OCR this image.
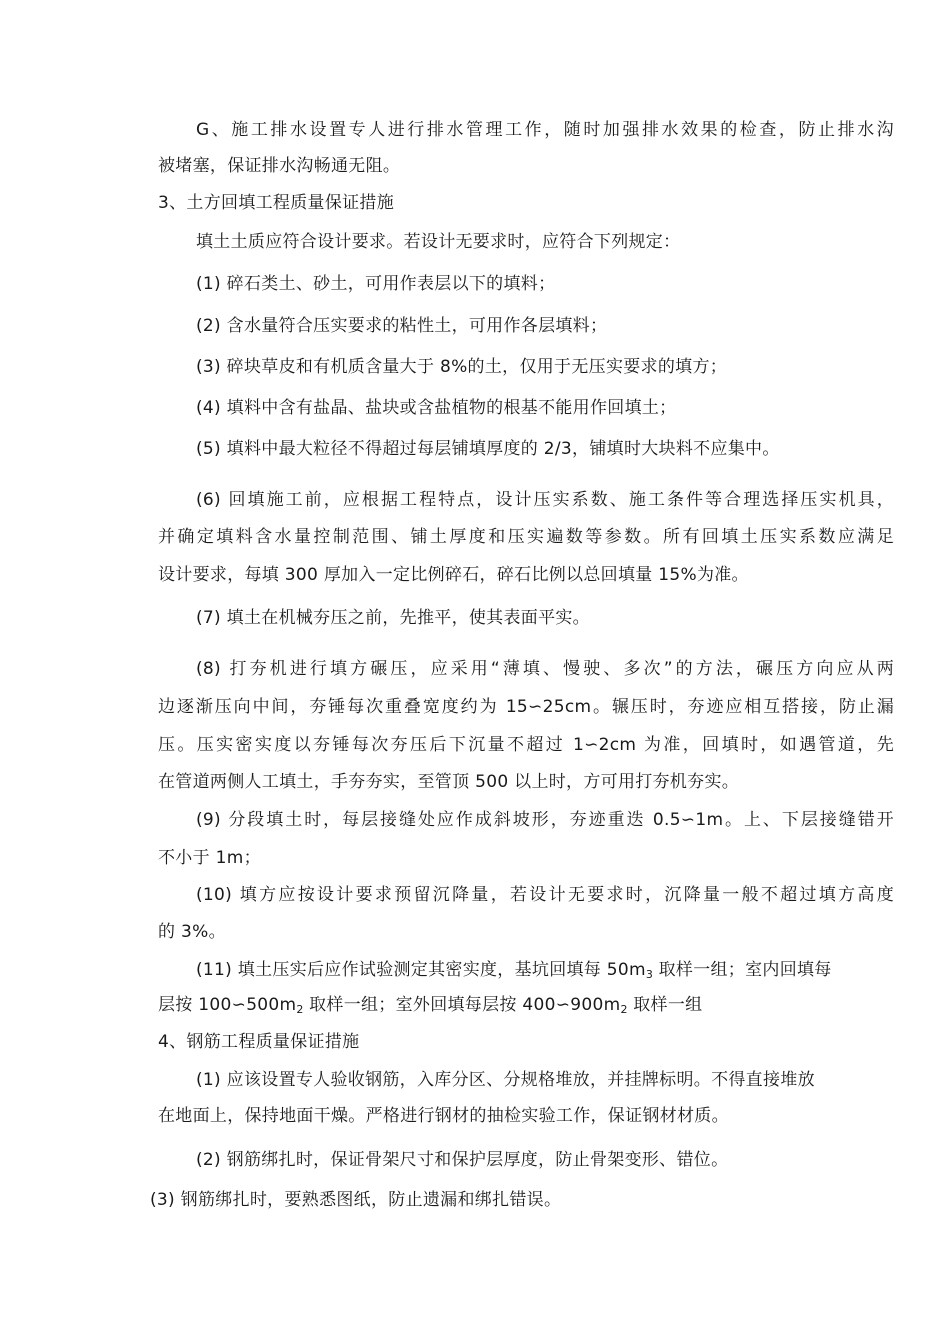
G、施工排水设置专人进行排水管理工作，随时加强排水效果的检查，防止排水沟

被堵塞，保证排水沟畅通无阻。

3、土方回填工程质量保证措施

填土土质应符合设计要求。若设计无要求时，应符合下列规定：

(1) 碎石类土、砂土，可用作表层以下的填料；

(2) 含水量符合压实要求的粘性土，可用作各层填料；

(3) 碎块草皮和有机质含量大于 8%的土，仅用于无压实要求的填方；

(4) 填料中含有盐晶、盐块或含盐植物的根基不能用作回填土；

(5) 填料中最大粒径不得超过每层铺填厚度的 2/3，铺填时大块料不应集中。

(6) 回填施工前，应根据工程特点，设计压实系数、施工条件等合理选择压实机具，

并确定填料含水量控制范围、铺土厚度和压实遍数等参数。所有回填土压实系数应满足

设计要求，每填 300 厚加入一定比例碎石，碎石比例以总回填量 15%为准。

(7) 填土在机械夯压之前，先推平，使其表面平实。

(8) 打夯机进行填方碾压，应采用“薄填、慢驶、多次”的方法，碾压方向应从两

边逐渐压向中间，夯锤每次重叠宽度约为 15∽25cm。辗压时，夯迹应相互搭接，防止漏

压。压实密实度以夯锤每次夯压后下沉量不超过 1∽2cm 为准，回填时，如遇管道，先

在管道两侧人工填土，手夯夯实，至管顶 500 以上时，方可用打夯机夯实。

(9) 分段填土时，每层接缝处应作成斜坡形，夯迹重迭 0.5∽1m。上、下层接缝错开

不小于 1m；

(10) 填方应按设计要求预留沉降量，若设计无要求时，沉降量一般不超过填方高度

的 3%。

(11) 填土压实后应作试验测定其密实度，基坑回填每 $50m_3$ 取样一组；室内回填每

层按 $100∽500m_2$ 取样一组；室外回填每层按 $400∽900m_2$ 取样一组

4、钢筋工程质量保证措施

(1) 应该设置专人验收钢筋，入库分区、分规格堆放，并挂牌标明。不得直接堆放

在地面上，保持地面干燥。严格进行钢材的抽检实验工作，保证钢材材质。

(2) 钢筋绑扎时，保证骨架尺寸和保护层厚度，防止骨架变形、错位。

(3) 钢筋绑扎时，要熟悉图纸，防止遗漏和绑扎错误。
